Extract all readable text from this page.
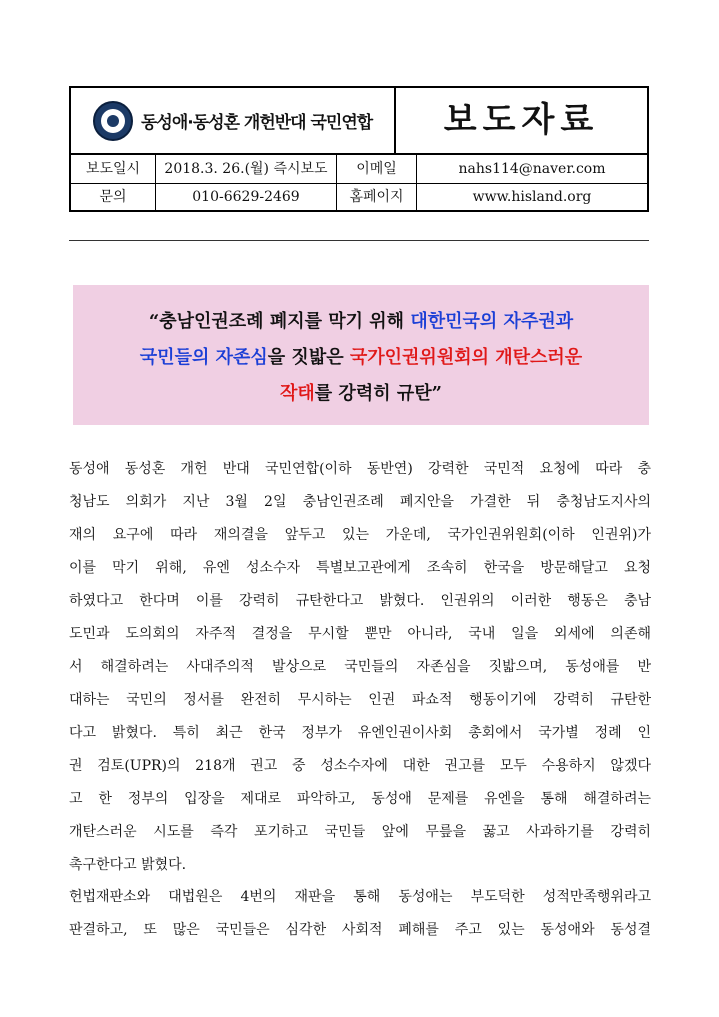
동성애·동성혼 개헌반대 국민연합	보도자료
보도일시	2018.3. 26.(월) 즉시보도	이메일	nahs114@naver.com
문의	010-6629-2469	홈페이지	www.hisland.org
“충남인권조례 폐지를 막기 위해 대한민국의 자주권과
국민들의 자존심을 짓밟은 국가인권위원회의 개탄스러운
작태를 강력히 규탄”
동성애 동성혼 개헌 반대 국민연합(이하 동반연) 강력한 국민적 요청에 따라 충
청남도 의회가 지난 3월 2일 충남인권조례 폐지안을 가결한 뒤 충청남도지사의
재의 요구에 따라 재의결을 앞두고 있는 가운데, 국가인권위원회(이하 인권위)가
이를 막기 위해, 유엔 성소수자 특별보고관에게 조속히 한국을 방문해달고 요청
하였다고 한다며 이를 강력히 규탄한다고 밝혔다. 인권위의 이러한 행동은 충남
도민과 도의회의 자주적 결정을 무시할 뿐만 아니라, 국내 일을 외세에 의존해
서 해결하려는 사대주의적 발상으로 국민들의 자존심을 짓밟으며, 동성애를 반
대하는 국민의 정서를 완전히 무시하는 인권 파쇼적 행동이기에 강력히 규탄한
다고 밝혔다. 특히 최근 한국 정부가 유엔인권이사회 총회에서 국가별 정례 인
권 검토(UPR)의 218개 권고 중 성소수자에 대한 권고를 모두 수용하지 않겠다
고 한 정부의 입장을 제대로 파악하고, 동성애 문제를 유엔을 통해 해결하려는
개탄스러운 시도를 즉각 포기하고 국민들 앞에 무릎을 꿇고 사과하기를 강력히
촉구한다고 밝혔다.
헌법재판소와 대법원은 4번의 재판을 통해 동성애는 부도덕한 성적만족행위라고
판결하고, 또 많은 국민들은 심각한 사회적 폐해를 주고 있는 동성애와 동성결
